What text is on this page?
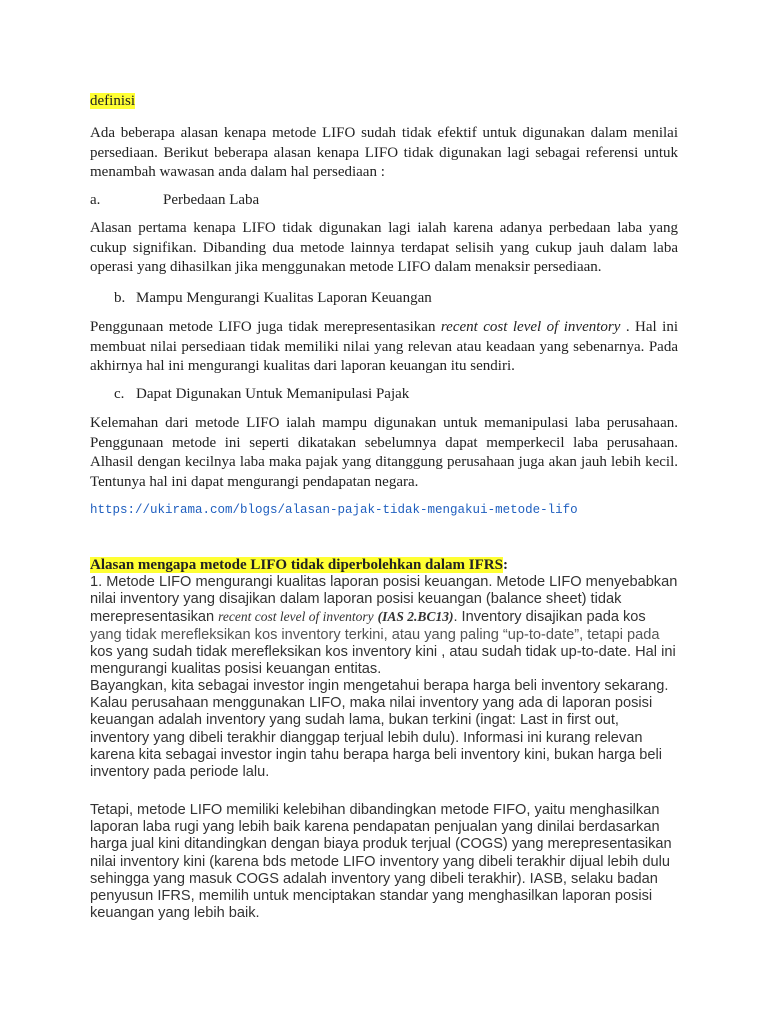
definisi

Ada beberapa alasan kenapa metode LIFO sudah tidak efektif untuk digunakan dalam menilai persediaan. Berikut beberapa alasan kenapa LIFO tidak digunakan lagi sebagai referensi untuk menambah wawasan anda dalam hal persediaan :

a.	Perbedaan Laba

Alasan pertama kenapa LIFO tidak digunakan lagi ialah karena adanya perbedaan laba yang cukup signifikan. Dibanding dua metode lainnya terdapat selisih yang cukup jauh dalam laba operasi yang dihasilkan jika menggunakan metode LIFO dalam menaksir persediaan.

b. Mampu Mengurangi Kualitas Laporan Keuangan

Penggunaan metode LIFO juga tidak merepresentasikan recent cost level of inventory . Hal ini membuat nilai persediaan tidak memiliki nilai yang relevan atau keadaan yang sebenarnya. Pada akhirnya hal ini mengurangi kualitas dari laporan keuangan itu sendiri.

c. Dapat Digunakan Untuk Memanipulasi Pajak

Kelemahan dari metode LIFO ialah mampu digunakan untuk memanipulasi laba perusahaan. Penggunaan metode ini seperti dikatakan sebelumnya dapat memperkecil laba perusahaan. Alhasil dengan kecilnya laba maka pajak yang ditanggung perusahaan juga akan jauh lebih kecil. Tentunya hal ini dapat mengurangi pendapatan negara.

https://ukirama.com/blogs/alasan-pajak-tidak-mengakui-metode-lifo

Alasan mengapa metode LIFO tidak diperbolehkan dalam IFRS:

1. Metode LIFO mengurangi kualitas laporan posisi keuangan. Metode LIFO menyebabkan nilai inventory yang disajikan dalam laporan posisi keuangan (balance sheet) tidak merepresentasikan recent cost level of inventory (IAS 2.BC13). Inventory disajikan pada kos
yang tidak merefleksikan kos inventory terkini, atau yang paling “up-to-date”, tetapi pada
kos yang sudah tidak merefleksikan kos inventory kini , atau sudah tidak up-to-date. Hal ini mengurangi kualitas posisi keuangan entitas.

Bayangkan, kita sebagai investor ingin mengetahui berapa harga beli inventory sekarang. Kalau perusahaan menggunakan LIFO, maka nilai inventory yang ada di laporan posisi keuangan adalah inventory yang sudah lama, bukan terkini (ingat: Last in first out, inventory yang dibeli terakhir dianggap terjual lebih dulu). Informasi ini kurang relevan karena kita sebagai investor ingin tahu berapa harga beli inventory kini, bukan harga beli inventory pada periode lalu.

Tetapi, metode LIFO memiliki kelebihan dibandingkan metode FIFO, yaitu menghasilkan laporan laba rugi yang lebih baik karena pendapatan penjualan yang dinilai berdasarkan harga jual kini ditandingkan dengan biaya produk terjual (COGS) yang merepresentasikan nilai inventory kini (karena bds metode LIFO inventory yang dibeli terakhir dijual lebih dulu sehingga yang masuk COGS adalah inventory yang dibeli terakhir). IASB, selaku badan penyusun IFRS, memilih untuk menciptakan standar yang menghasilkan laporan posisi keuangan yang lebih baik.
